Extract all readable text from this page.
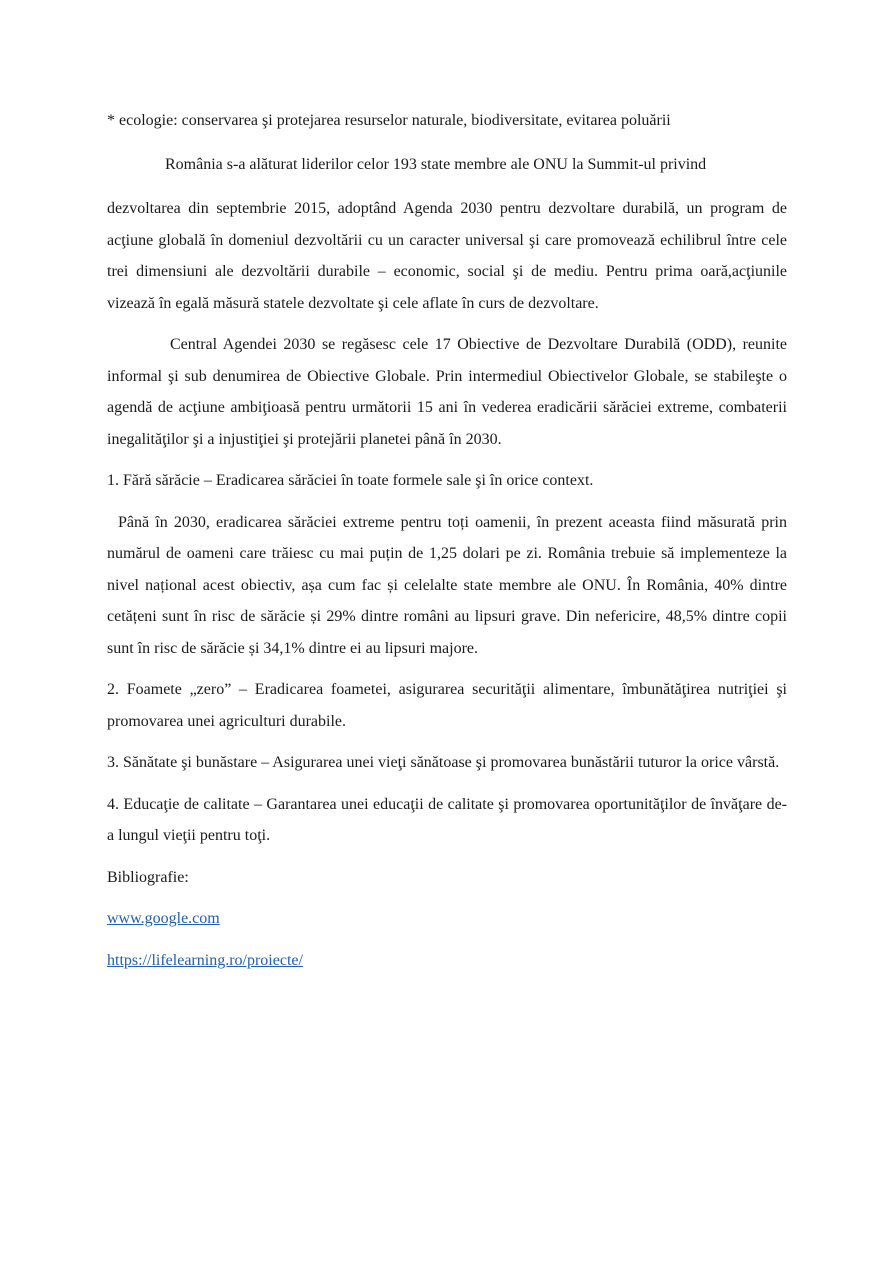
* ecologie: conservarea şi protejarea resurselor naturale, biodiversitate, evitarea poluării

România s-a alăturat liderilor celor 193 state membre ale ONU la Summit-ul privind

dezvoltarea din septembrie 2015, adoptând Agenda 2030 pentru dezvoltare durabilă, un program de acţiune globală în domeniul dezvoltării cu un caracter universal şi care promovează echilibrul între cele trei dimensiuni ale dezvoltării durabile – economic, social şi de mediu. Pentru prima oară,acţiunile vizează în egală măsură statele dezvoltate şi cele aflate în curs de dezvoltare.

Central Agendei 2030 se regăsesc cele 17 Obiective de Dezvoltare Durabilă (ODD), reunite informal şi sub denumirea de Obiective Globale. Prin intermediul Obiectivelor Globale, se stabileşte o agendă de acţiune ambiţioasă pentru următorii 15 ani în vederea eradicării sărăciei extreme, combaterii inegalităţilor şi a injustiţiei şi protejării planetei până în 2030.

1. Fără sărăcie – Eradicarea sărăciei în toate formele sale şi în orice context.

Până în 2030, eradicarea sărăciei extreme pentru toți oamenii, în prezent aceasta fiind măsurată prin numărul de oameni care trăiesc cu mai puțin de 1,25 dolari pe zi. România trebuie să implementeze la nivel național acest obiectiv, așa cum fac și celelalte state membre ale ONU. În România, 40% dintre cetățeni sunt în risc de sărăcie și 29% dintre români au lipsuri grave. Din nefericire, 48,5% dintre copii sunt în risc de sărăcie și 34,1% dintre ei au lipsuri majore.

2. Foamete „zero” – Eradicarea foametei, asigurarea securităţii alimentare, îmbunătăţirea nutriţiei şi promovarea unei agriculturi durabile.

3. Sănătate şi bunăstare – Asigurarea unei vieţi sănătoase şi promovarea bunăstării tuturor la orice vârstă.

4. Educaţie de calitate – Garantarea unei educaţii de calitate şi promovarea oportunităţilor de învăţare de-a lungul vieţii pentru toţi.

Bibliografie:

www.google.com

https://lifelearning.ro/proiecte/
